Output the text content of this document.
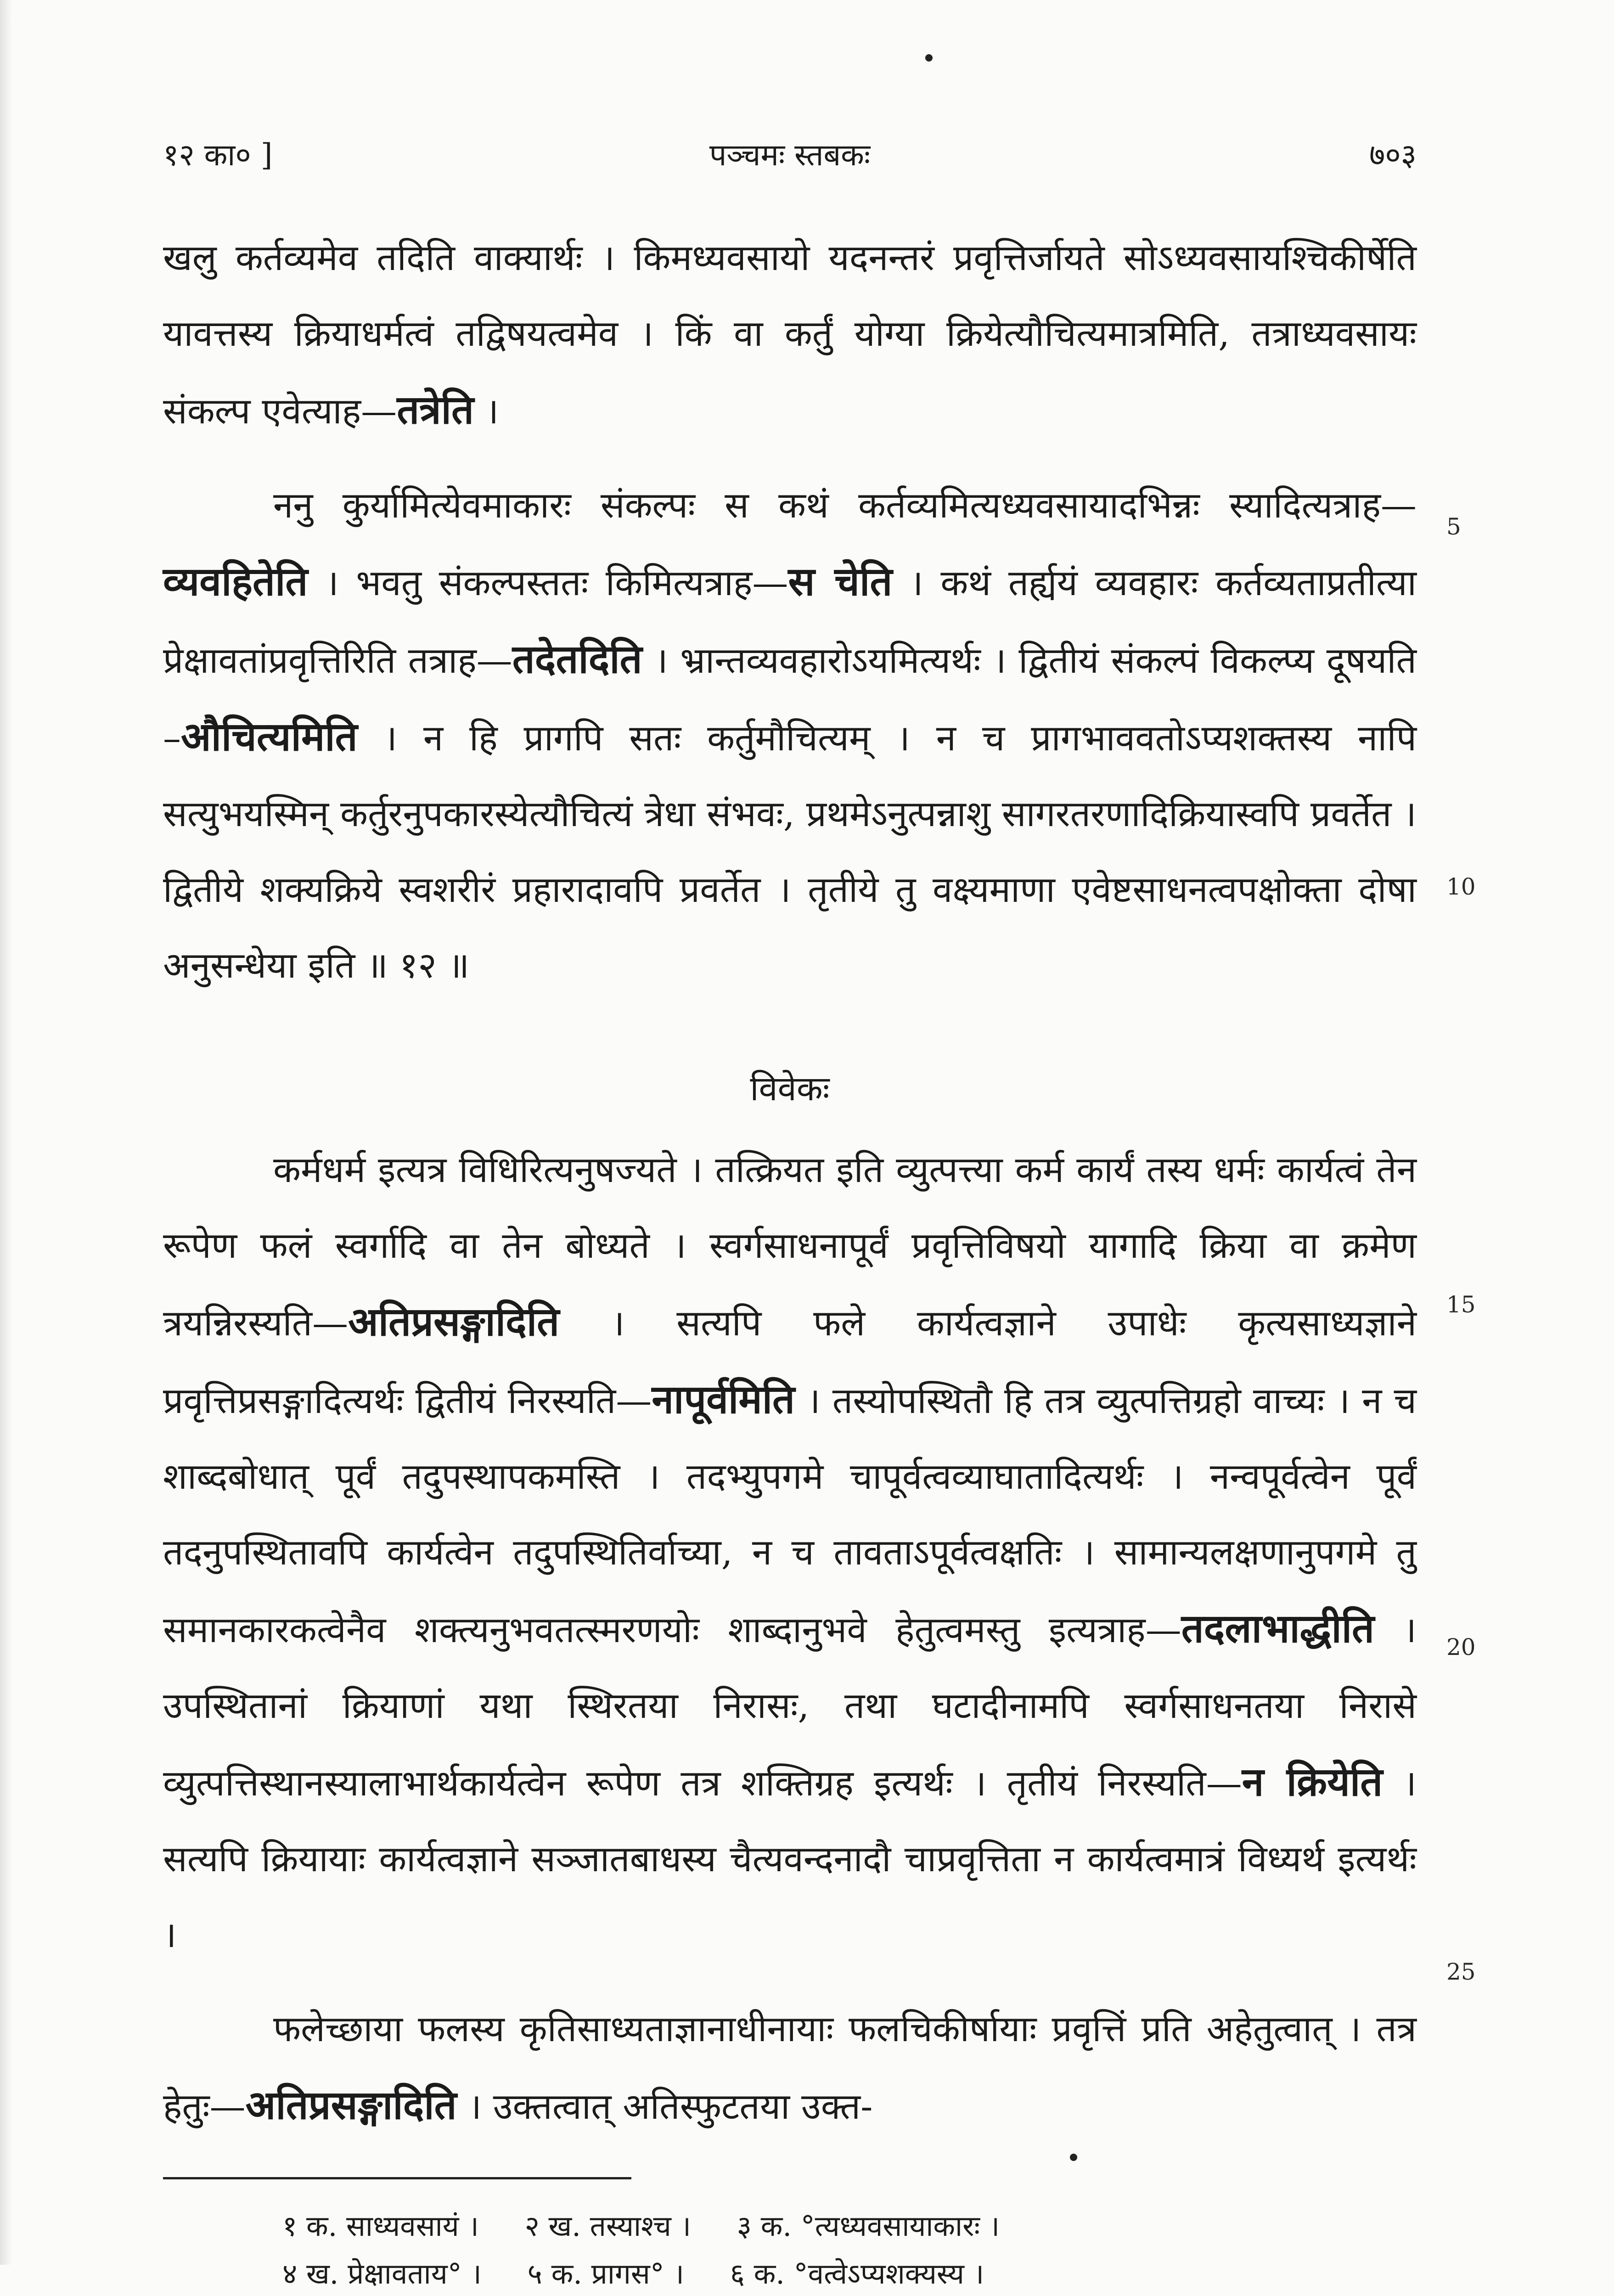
१२ का० ]	पञ्चमः स्तबकः	७०३

खलु कर्तव्यमेव तदिति वाक्यार्थः । किमध्यवसायो यदनन्तरं प्रवृत्तिर्जायते सोऽध्यवसायश्चिकीर्षेति यावत्तस्य क्रियाधर्मत्वं तद्विषयत्वमेव । किं वा कर्तुं योग्या क्रियेत्यौचित्यमात्रमिति, तत्राध्यवसायः संकल्प एवेत्याह—तत्रेति ।

ननु कुर्यामित्येवमाकारः संकल्पः स कथं कर्तव्यमित्यध्यवसायादभिन्नः स्यादित्यत्राह—व्यवहितेति । भवतु संकल्पस्ततः किमित्यत्राह—स चेति । कथं तर्ह्ययं व्यवहारः कर्तव्यताप्रतीत्या प्रेक्षावतांप्रवृत्तिरिति तत्राह—तदेतदिति । भ्रान्तव्यवहारोऽयमित्यर्थः । द्वितीयं संकल्पं विकल्प्य दूषयति –औचित्यमिति । न हि प्रागपि सतः कर्तुमौचित्यम् । न च प्रागभाववतोऽप्यशक्तस्य नापि सत्युभयस्मिन् कर्तुरनुपकारस्येत्यौचित्यं त्रेधा संभवः, प्रथमेऽनुत्पन्नाशु सागरतरणादिक्रियास्वपि प्रवर्तेत । द्वितीये शक्यक्रिये स्वशरीरं प्रहारादावपि प्रवर्तेत । तृतीये तु वक्ष्यमाणा एवेष्टसाधनत्वपक्षोक्ता दोषा अनुसन्धेया इति ॥ १२ ॥

विवेकः

कर्मधर्म इत्यत्र विधिरित्यनुषज्यते । तत्क्रियत इति व्युत्पत्त्या कर्म कार्यं तस्य धर्मः कार्यत्वं तेन रूपेण फलं स्वर्गादि वा तेन बोध्यते । स्वर्गसाधनापूर्वं प्रवृत्तिविषयो यागादि क्रिया वा क्रमेण त्रयन्निरस्यति—अतिप्रसङ्गादिति । सत्यपि फले कार्यत्वज्ञाने उपाधेः कृत्यसाध्यज्ञाने प्रवृत्तिप्रसङ्गादित्यर्थः द्वितीयं निरस्यति—नापूर्वमिति । तस्योपस्थितौ हि तत्र व्युत्पत्तिग्रहो वाच्यः । न च शाब्दबोधात् पूर्वं तदुपस्थापकमस्ति । तदभ्युपगमे चापूर्वत्वव्याघातादित्यर्थः । नन्वपूर्वत्वेन पूर्वं तदनुपस्थितावपि कार्यत्वेन तदुपस्थितिर्वाच्या, न च तावताऽपूर्वत्वक्षतिः । सामान्यलक्षणानुपगमे तु समानकारकत्वेनैव शक्त्यनुभवतत्स्मरणयोः शाब्दानुभवे हेतुत्वमस्तु इत्यत्राह—तदलाभाद्धीति । उपस्थितानां क्रियाणां यथा स्थिरतया निरासः, तथा घटादीनामपि स्वर्गसाधनतया निरासे व्युत्पत्तिस्थानस्यालाभार्थकार्यत्वेन रूपेण तत्र शक्तिग्रह इत्यर्थः । तृतीयं निरस्यति—न क्रियेति । सत्यपि क्रियायाः कार्यत्वज्ञाने सञ्जातबाधस्य चैत्यवन्दनादौ चाप्रवृत्तिता न कार्यत्वमात्रं विध्यर्थ इत्यर्थः ।

फलेच्छाया फलस्य कृतिसाध्यताज्ञानाधीनायाः फलचिकीर्षायाः प्रवृत्तिं प्रति अहेतुत्वात् । तत्र हेतुः—अतिप्रसङ्गादिति । उक्तत्वात् अतिस्फुटतया उक्त-

१ क. साध्यवसायं । २ ख. तस्याश्च । ३ क. °त्यध्यवसायाकारः ।
४ ख. प्रेक्षावताय° । ५ क. प्रागस° । ६ क. °वत्वेऽप्यशक्यस्य ।
5
10
15
20
25
